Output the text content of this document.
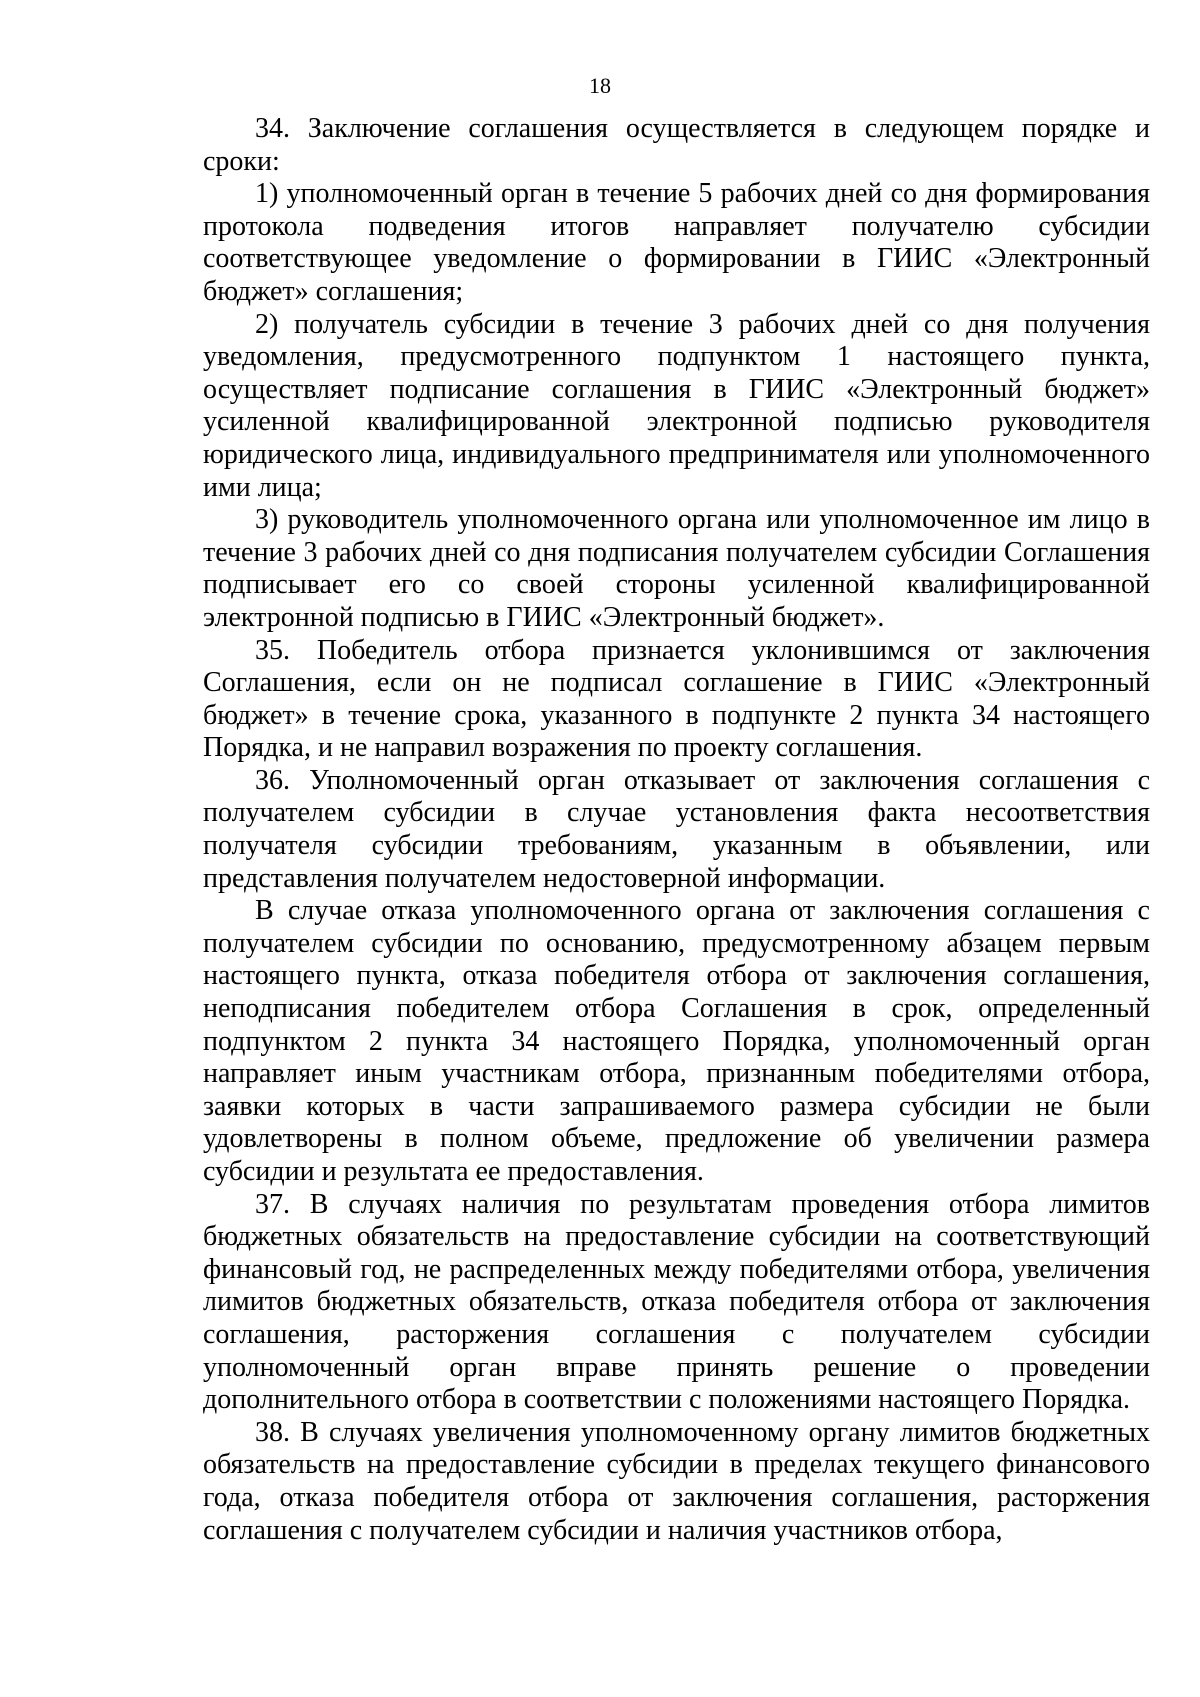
18

34. Заключение соглашения осуществляется в следующем порядке и сроки:

1) уполномоченный орган в течение 5 рабочих дней со дня формирования протокола подведения итогов направляет получателю субсидии соответствующее уведомление о формировании в ГИИС «Электронный бюджет» соглашения;

2) получатель субсидии в течение 3 рабочих дней со дня получения уведомления, предусмотренного подпунктом 1 настоящего пункта, осуществляет подписание соглашения в ГИИС «Электронный бюджет» усиленной квалифицированной электронной подписью руководителя юридического лица, индивидуального предпринимателя или уполномоченного ими лица;

3) руководитель уполномоченного органа или уполномоченное им лицо в течение 3 рабочих дней со дня подписания получателем субсидии Соглашения подписывает его со своей стороны усиленной квалифицированной электронной подписью в ГИИС «Электронный бюджет».

35. Победитель отбора признается уклонившимся от заключения Соглашения, если он не подписал соглашение в ГИИС «Электронный бюджет» в течение срока, указанного в подпункте 2 пункта 34 настоящего Порядка, и не направил возражения по проекту соглашения.

36. Уполномоченный орган отказывает от заключения соглашения с получателем субсидии в случае установления факта несоответствия получателя субсидии требованиям, указанным в объявлении, или представления получателем недостоверной информации.

В случае отказа уполномоченного органа от заключения соглашения с получателем субсидии по основанию, предусмотренному абзацем первым настоящего пункта, отказа победителя отбора от заключения соглашения, неподписания победителем отбора Соглашения в срок, определенный подпунктом 2 пункта 34 настоящего Порядка, уполномоченный орган направляет иным участникам отбора, признанным победителями отбора, заявки которых в части запрашиваемого размера субсидии не были удовлетворены в полном объеме, предложение об увеличении размера субсидии и результата ее предоставления.

37. В случаях наличия по результатам проведения отбора лимитов бюджетных обязательств на предоставление субсидии на соответствующий финансовый год, не распределенных между победителями отбора, увеличения лимитов бюджетных обязательств, отказа победителя отбора от заключения соглашения, расторжения соглашения с получателем субсидии уполномоченный орган вправе принять решение о проведении дополнительного отбора в соответствии с положениями настоящего Порядка.

38. В случаях увеличения уполномоченному органу лимитов бюджетных обязательств на предоставление субсидии в пределах текущего финансового года, отказа победителя отбора от заключения соглашения, расторжения соглашения с получателем субсидии и наличия участников отбора,
